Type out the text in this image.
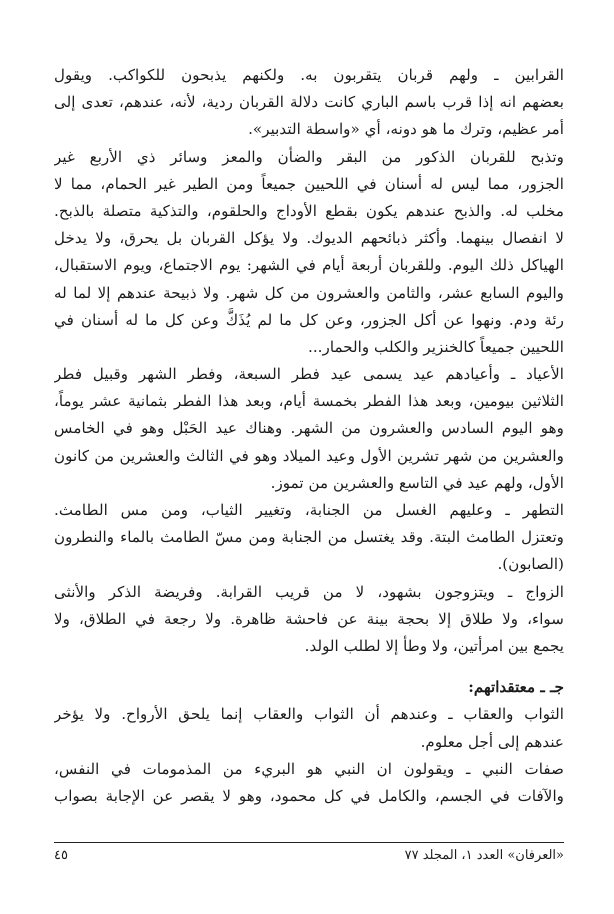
القرابين ـ ولهم قربان يتقربون به. ولكنهم يذبحون للكواكب. ويقول
بعضهم انه إذا قرب باسم الباري كانت دلالة القربان ردية، لأنه، عندهم، تعدى إلى
أمر عظيم، وترك ما هو دونه، أي «واسطة التدبير».
وتذبح للقربان الذكور من البقر والضأن والمعز وسائر ذي الأربع غير
الجزور، مما ليس له أسنان في اللحيين جميعاً ومن الطير غير الحمام، مما لا
مخلب له. والذبح عندهم يكون بقطع الأوداج والحلقوم، والتذكية متصلة بالذبح.
لا انفصال بينهما. وأكثر ذبائحهم الديوك. ولا يؤكل القربان بل يحرق، ولا يدخل
الهياكل ذلك اليوم. وللقربان أربعة أيام في الشهر: يوم الاجتماع، ويوم الاستقبال،
واليوم السابع عشر، والثامن والعشرون من كل شهر. ولا ذبيحة عندهم إلا لما له
رئة ودم. ونهوا عن أكل الجزور، وعن كل ما لم يُذَكَّ وعن كل ما له أسنان في
اللحيين جميعاً كالخنزير والكلب والحمار...
الأعياد ـ وأعيادهم عيد يسمى عيد فطر السبعة، وفطر الشهر وقبيل فطر
الثلاثين بيومين، وبعد هذا الفطر بخمسة أيام، وبعد هذا الفطر بثمانية عشر يوماً،
وهو اليوم السادس والعشرون من الشهر. وهناك عيد الحَبْل وهو في الخامس
والعشرين من شهر تشرين الأول وعيد الميلاد وهو في الثالث والعشرين من كانون
الأول، ولهم عيد في التاسع والعشرين من تموز.
التطهر ـ وعليهم الغسل من الجنابة، وتغيير الثياب، ومن مس الطامث.
وتعتزل الطامث البتة. وقد يغتسل من الجنابة ومن مسّ الطامث بالماء والنطرون
(الصابون).
الزواج ـ ويتزوجون بشهود، لا من قريب القرابة. وفريضة الذكر والأنثى
سواء، ولا طلاق إلا بحجة بينة عن فاحشة ظاهرة. ولا رجعة في الطلاق، ولا
يجمع بين امرأتين، ولا وطأ إلا لطلب الولد.
جـ ـ معتقداتهم:
الثواب والعقاب ـ وعندهم أن الثواب والعقاب إنما يلحق الأرواح. ولا يؤخر
عندهم إلى أجل معلوم.
صفات النبي ـ ويقولون ان النبي هو البريء من المذمومات في النفس،
والآفات في الجسم، والكامل في كل محمود، وهو لا يقصر عن الإجابة بصواب
٤٥	«العرفان» العدد ١، المجلد ٧٧
